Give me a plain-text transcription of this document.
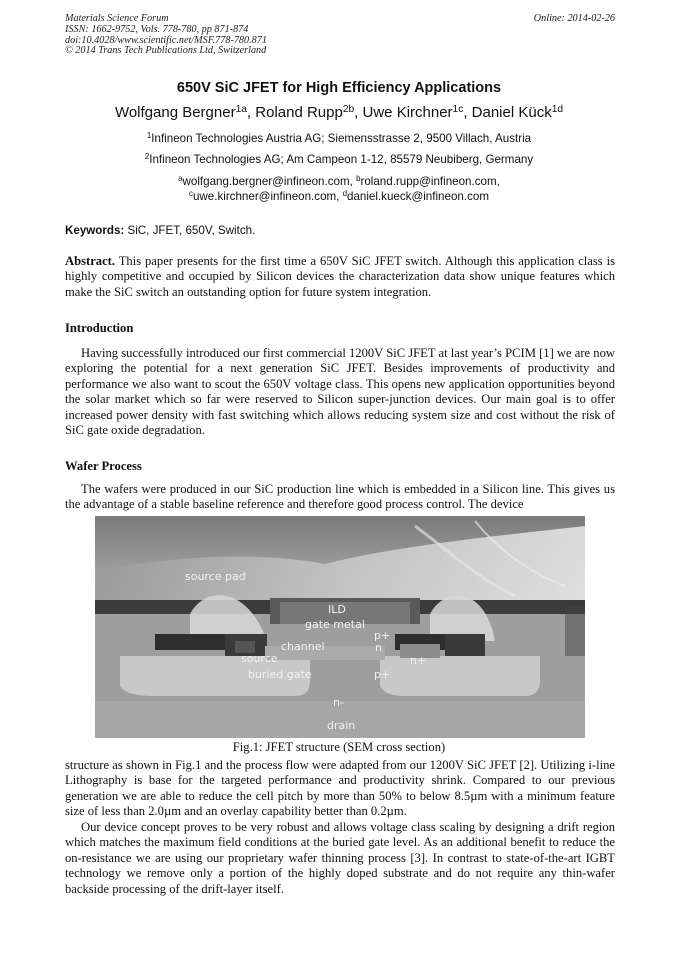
Materials Science Forum
ISSN: 1662-9752, Vols. 778-780, pp 871-874
doi:10.4028/www.scientific.net/MSF.778-780.871
© 2014 Trans Tech Publications Ltd, Switzerland
Online: 2014-02-26
650V SiC JFET for High Efficiency Applications
Wolfgang Bergner$^{1a}$, Roland Rupp$^{2b}$, Uwe Kirchner$^{1c}$, Daniel Kück$^{1d}$
$^1$Infineon Technologies Austria AG; Siemensstrasse 2, 9500 Villach, Austria
$^2$Infineon Technologies AG; Am Campeon 1-12, 85579 Neubiberg, Germany
$^a$wolfgang.bergner@infineon.com, $^b$roland.rupp@infineon.com,
$^c$uwe.kirchner@infineon.com, $^d$daniel.kueck@infineon.com
Keywords: SiC, JFET, 650V, Switch.
Abstract. This paper presents for the first time a 650V SiC JFET switch. Although this application class is highly competitive and occupied by Silicon devices the characterization data show unique features which make the SiC switch an outstanding option for future system integration.
Introduction
Having successfully introduced our first commercial 1200V SiC JFET at last year’s PCIM [1] we are now exploring the potential for a next generation SiC JFET. Besides improvements of productivity and performance we also want to scout the 650V voltage class. This opens new application opportunities beyond the solar market which so far were reserved to Silicon super-junction devices. Our main goal is to offer increased power density with fast switching which allows reducing system size and cost without the risk of SiC gate oxide degradation.
Wafer Process
The wafers were produced in our SiC production line which is embedded in a Silicon line. This gives us the advantage of a stable baseline reference and therefore good process control. The device
source pad
ILD
gate metal
p+
channel	n
n+
source
buried gate	p+
n-
drain
Fig.1: JFET structure (SEM cross section)
structure as shown in Fig.1 and the process flow were adapted from our 1200V SiC JFET [2]. Utilizing i-line Lithography is base for the targeted performance and productivity shrink. Compared to our previous generation we are able to reduce the cell pitch by more than 50% to below 8.5µm with a minimum feature size of less than 2.0µm and an overlay capability better than 0.2µm.
Our device concept proves to be very robust and allows voltage class scaling by designing a drift region which matches the maximum field conditions at the buried gate level. As an additional benefit to reduce the on-resistance we are using our proprietary wafer thinning process [3]. In contrast to state-of-the-art IGBT technology we remove only a portion of the highly doped substrate and do not require any thin-wafer backside processing of the drift-layer itself.
